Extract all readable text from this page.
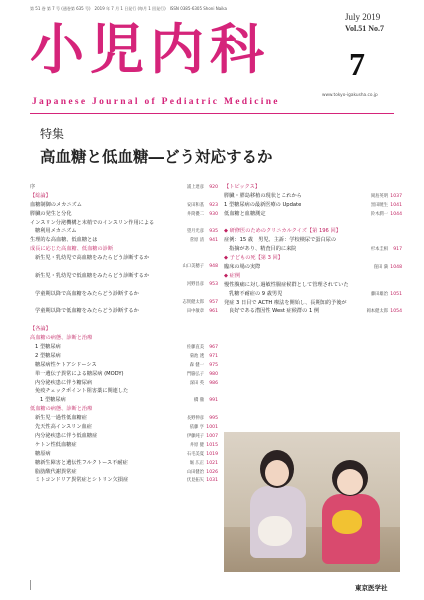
第 51 巻 第 7 号 (通巻第 635 号)　2019 年 7 月 1 日発行 (毎月 1 回発行)　ISSN 0385-6305 Shoni Naika
小児内科
Japanese Journal of Pediatric Medicine
July 2019
Vol.51 No.7
7
www.tokyo-igakusha.co.jp
特集
高血糖と低血糖―どう対応するか
序	浦上達彦	920
【総論】
血糖制御のメカニズム	安田和基	923
膵臓の発生と分化	井筒優二	930
インスリン分泌機構と末梢でのインスリン作用による
糖利用メカニズム	望月光彦	935
生理的な高血糖、低血糖とは	菅原 清	941
成長に応じた高血糖、低血糖の診断
新生児・乳幼児で高血糖をみたらどう診断するか
山口美穂子	948
新生児・乳幼児で低血糖をみたらどう診断するか
河野昌彦	953
学童期以降で高血糖をみたらどう診断するか
志賀健太郎	957
学童期以降で低血糖をみたらどう診断するか	田中敏章	961
【各論】
高血糖の病態、診断と治療
1 型糖尿病	佐藤直美	967
2 型糖尿病	菊池 透	971
糖尿病性ケトアシドーシス	森 健一	975
単一遺伝子異常による糖尿病 (MODY)	門脇弘子	980
内分泌疾患に伴う糖尿病	深田 英	986
免疫チェックポイント阻害薬に関連した
1 型糖尿病	橋 徹	991
低血糖の病態、診断と治療
新生児一過性低血糖症	長野伸彦	995
先天性高インスリン血症	依藤 亨 1001
内分泌疾患に伴う低血糖症	伊藤純子 1007
ケトン性低血糖症	井原 健 1015
糖原病	石毛美夏 1019
糖新生障害と遺伝性フルクトース不耐症	堀 広正 1021
脂肪酸代謝異常症	山田健治 1026
ミトコンドリア異常症とシトリン欠損症	伏見拓矢 1031
【トピックス】
膵臓・膵島移植の現状とこれから	岡島英明 1037
1 型糖尿病の最新医療の Update	黒田暁生 1041
低血糖と血糖測定	鈴木潤一 1044
◆ 研修医のためのクリニカルクイズ【第 196 回】
症例：15 歳　男児、主訴：学校検尿で蛋白尿の
指摘があり、精査目的に来院	杉本圭相	917
◆ 子どもの死【第 3 回】
臨床の場の実際	窪田 満 1048
◆ 症例
慢性腹痛に対し過敏性腸症候群として管理されていた
乳糖不耐症の 9 歳男児	藤田雄治 1051
発症 3 日目で ACTH 療法を開始し、長期知的予後が
良好である潜因性 West 症候群の 1 例	岡本健太郎 1054
東京医学社
